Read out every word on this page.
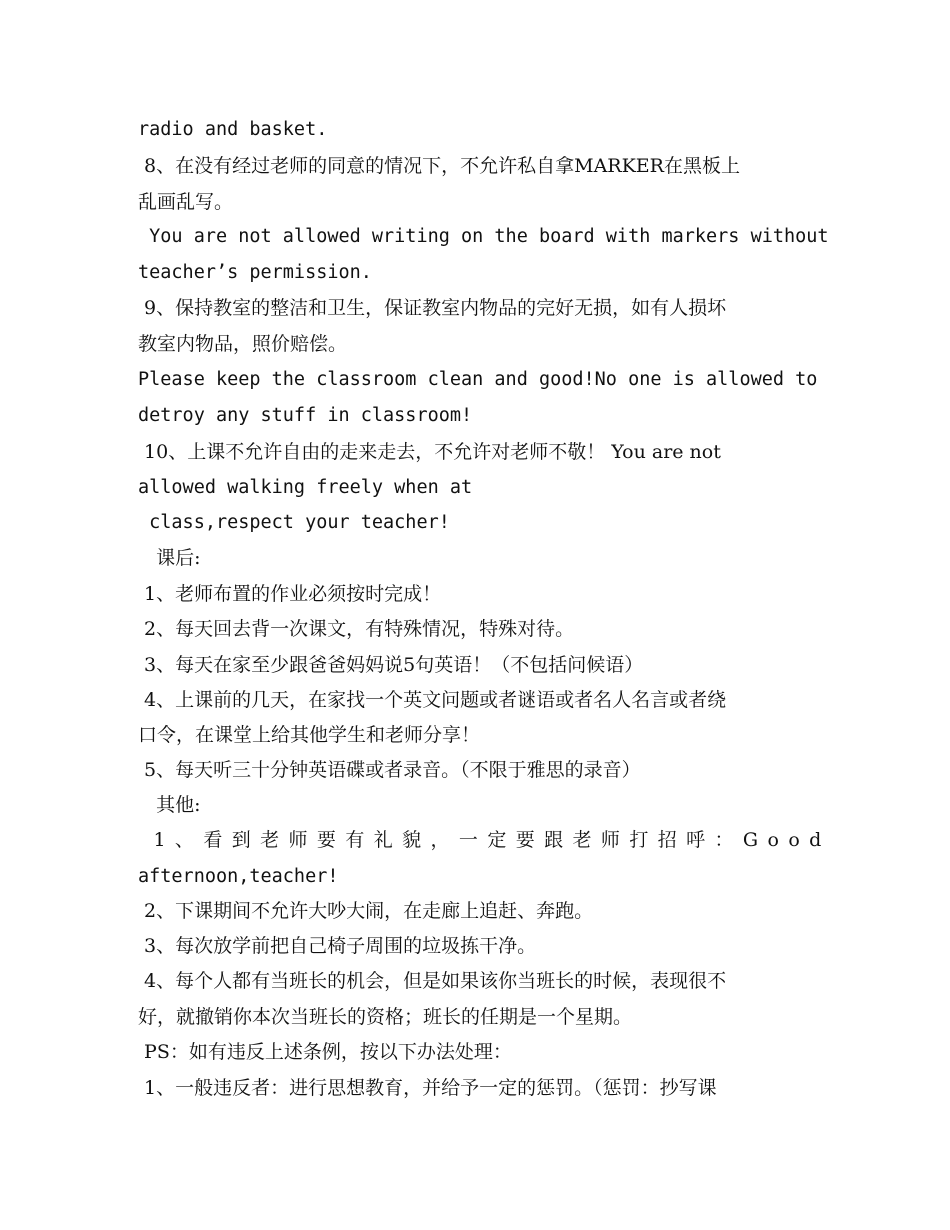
radio and basket.
8、在没有经过老师的同意的情况下，不允许私自拿MARKER在黑板上
乱画乱写。
You are not allowed writing on the board with markers without
teacher’s permission.
9、保持教室的整洁和卫生，保证教室内物品的完好无损，如有人损坏
教室内物品，照价赔偿。
Please keep the classroom clean and good!No one is allowed to
detroy any stuff in classroom!
10、上课不允许自由的走来走去，不允许对老师不敬！ You are not
allowed walking freely when at
class,respect your teacher!
课后:
1、老师布置的作业必须按时完成！
2、每天回去背一次课文，有特殊情况，特殊对待。
3、每天在家至少跟爸爸妈妈说5句英语！（不包括问候语）
4、上课前的几天，在家找一个英文问题或者谜语或者名人名言或者绕
口令，在课堂上给其他学生和老师分享！
5、每天听三十分钟英语碟或者录音。（不限于雅思的录音）
其他:
1、看到老师要有礼貌，一定要跟老师打招呼：Good
afternoon,teacher!
2、下课期间不允许大吵大闹，在走廊上追赶、奔跑。
3、每次放学前把自己椅子周围的垃圾拣干净。
4、每个人都有当班长的机会，但是如果该你当班长的时候，表现很不
好，就撤销你本次当班长的资格；班长的任期是一个星期。
PS：如有违反上述条例，按以下办法处理：
1、一般违反者：进行思想教育，并给予一定的惩罚。（惩罚：抄写课
